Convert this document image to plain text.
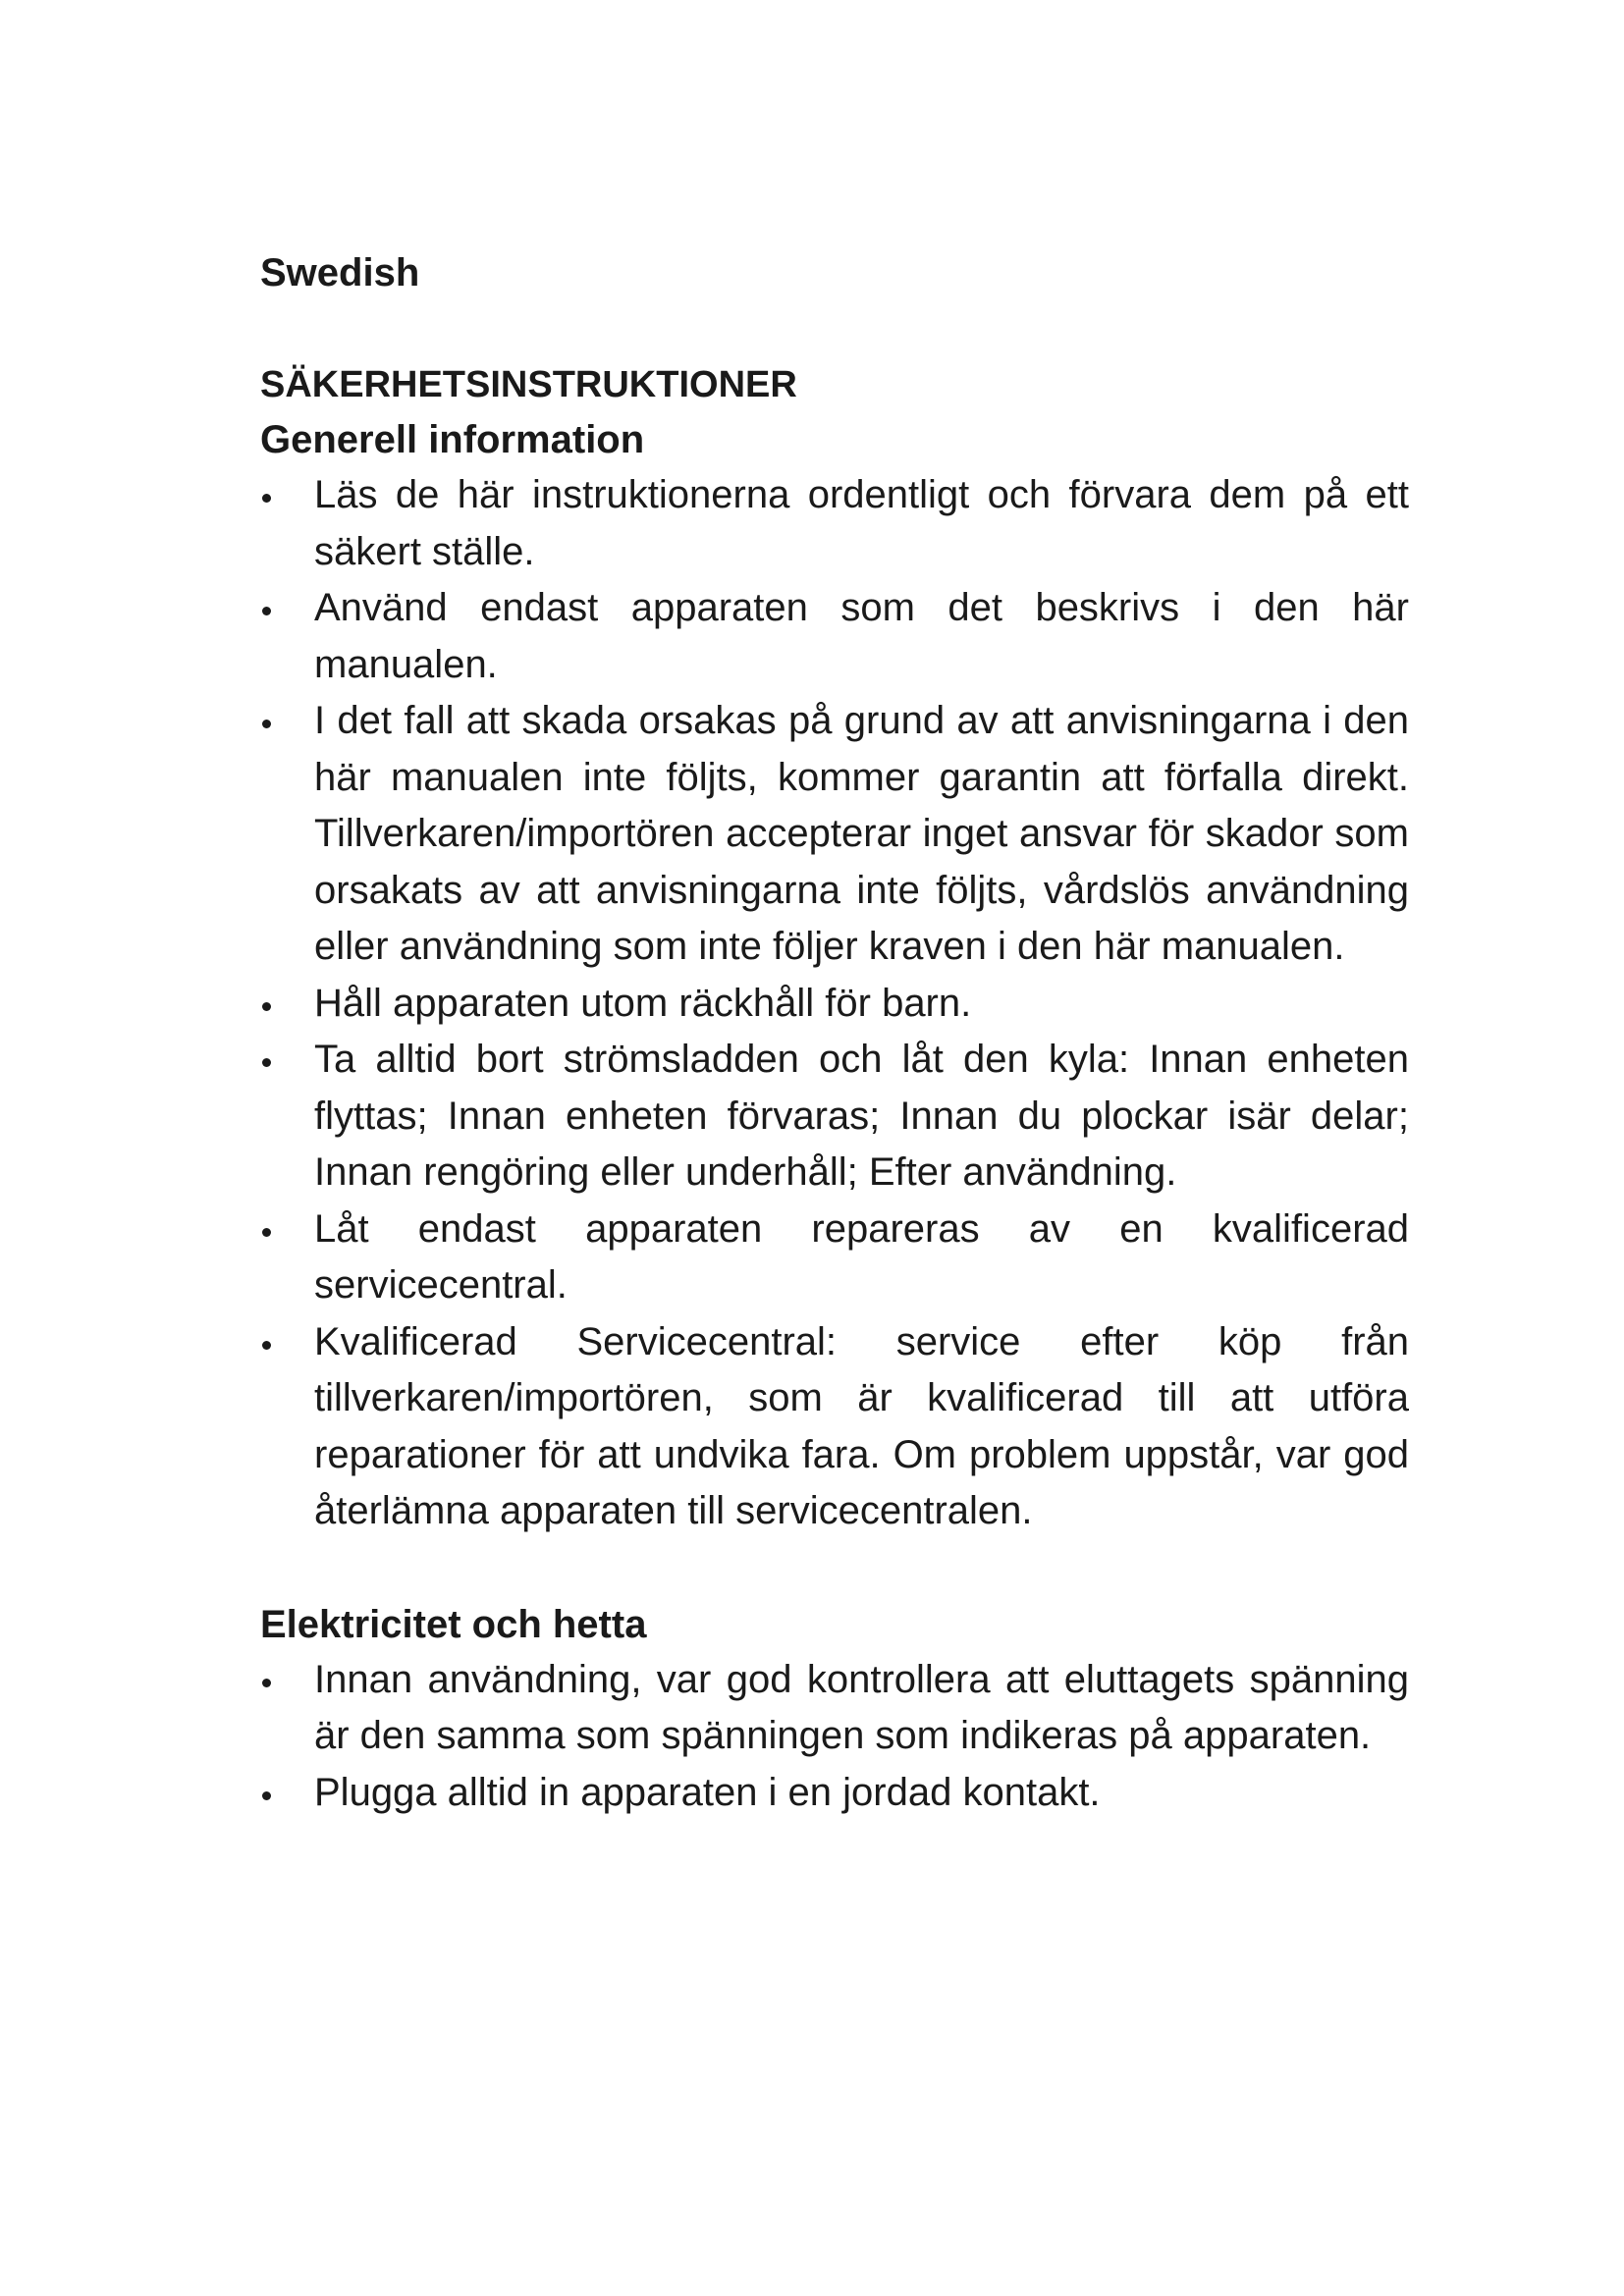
Swedish
SÄKERHETSINSTRUKTIONER
Generell information
Läs de här instruktionerna ordentligt och förvara dem på ett säkert ställe.
Använd endast apparaten som det beskrivs i den här manualen.
I det fall att skada orsakas på grund av att anvisningarna i den här manualen inte följts, kommer garantin att förfalla direkt. Tillverkaren/importören accepterar inget ansvar för skador som orsakats av att anvisningarna inte följts, vårdslös användning eller användning som inte följer kraven i den här manualen.
Håll apparaten utom räckhåll för barn.
Ta alltid bort strömsladden och låt den kyla: Innan enheten flyttas; Innan enheten förvaras; Innan du plockar isär delar; Innan rengöring eller underhåll; Efter användning.
Låt endast apparaten repareras av en kvalificerad servicecentral.
Kvalificerad Servicecentral: service efter köp från tillverkaren/importören, som är kvalificerad till att utföra reparationer för att undvika fara. Om problem uppstår, var god återlämna apparaten till servicecentralen.
Elektricitet och hetta
Innan användning, var god kontrollera att eluttagets spänning är den samma som spänningen som indikeras på apparaten.
Plugga alltid in apparaten i en jordad kontakt.
